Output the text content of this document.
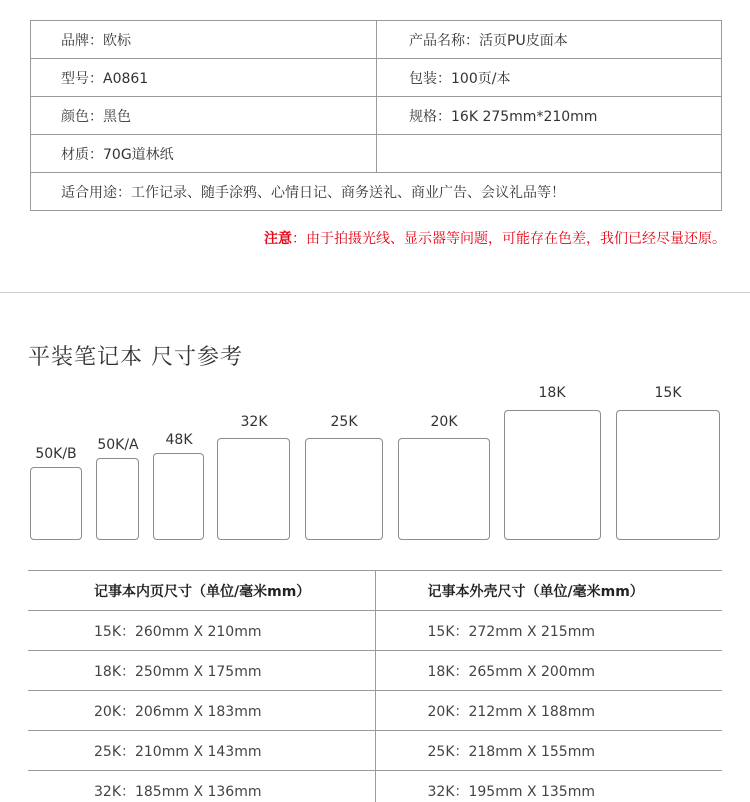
品牌：欧标	产品名称：活页PU皮面本
型号：A0861	包装：100页/本
颜色：黑色	规格：16K 275mm*210mm
材质：70G道林纸	
适合用途：工作记录、随手涂鸦、心情日记、商务送礼、商业广告、会议礼品等！	
注意：由于拍摄光线、显示器等问题，可能存在色差，我们已经尽量还原。
平装笔记本 尺寸参考
50K/B
50K/A	48K
32K	25K	20K
18K	15K
记事本内页尺寸（单位/毫米mm）	记事本外壳尺寸（单位/毫米mm）
15K：260mm X 210mm	15K：272mm X 215mm
18K：250mm X 175mm	18K：265mm X 200mm
20K：206mm X 183mm	20K：212mm X 188mm
25K：210mm X 143mm	25K：218mm X 155mm
32K：185mm X 136mm	32K：195mm X 135mm
